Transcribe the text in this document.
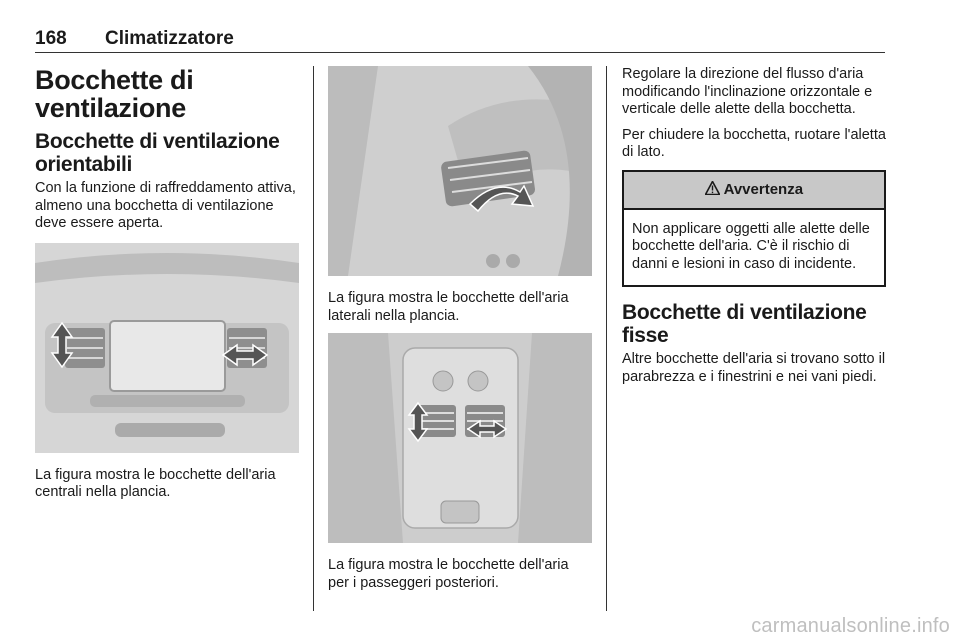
168 Climatizzatore
Bocchette di ventilazione
Bocchette di ventilazione orientabili

Con la funzione di raffreddamento attiva, almeno una bocchetta di ventilazione deve essere aperta.

La figura mostra le bocchette dell'aria centrali nella plancia.

La figura mostra le bocchette dell'aria laterali nella plancia.

La figura mostra le bocchette dell'aria per i passeggeri posteriori.

Regolare la direzione del flusso d'aria modificando l'inclinazione orizzontale e verticale delle alette della bocchetta.

Per chiudere la bocchetta, ruotare l'aletta di lato.

Avvertenza

Non applicare oggetti alle alette delle bocchette dell'aria. C'è il rischio di danni e lesioni in caso di incidente.

Bocchette di ventilazione fisse

Altre bocchette dell'aria si trovano sotto il parabrezza e i finestrini e nei vani piedi.

carmanualsonline.info
